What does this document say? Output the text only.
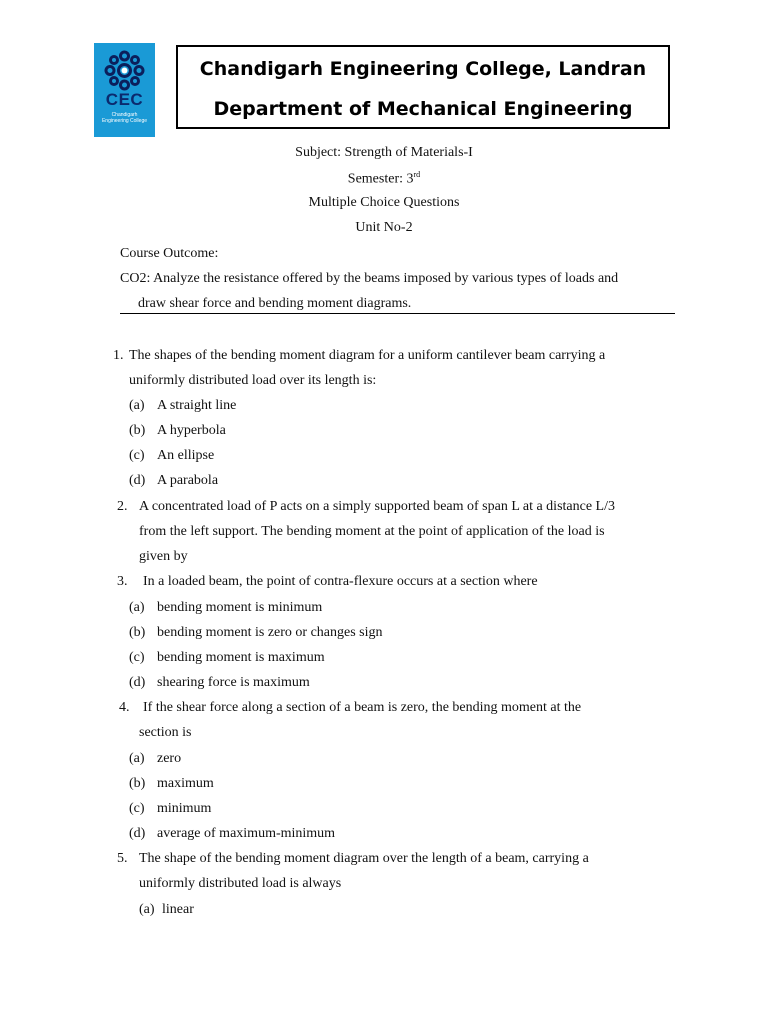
CEC
Chandigarh
Engineering College
Chandigarh Engineering College, Landran
Department of Mechanical Engineering
Subject: Strength of Materials-I
Semester: 3rd
Multiple Choice Questions
Unit No-2
Course Outcome:
CO2: Analyze the resistance offered by the beams imposed by various types of loads and
draw shear force and bending moment diagrams.
1. The shapes of the bending moment diagram for a uniform cantilever beam carrying a
uniformly distributed load over its length is:
(a) A straight line
(b) A hyperbola
(c) An ellipse
(d) A parabola
2. A concentrated load of P acts on a simply supported beam of span L at a distance L/3
from the left support. The bending moment at the point of application of the load is
given by
3. In a loaded beam, the point of contra-flexure occurs at a section where
(a) bending moment is minimum
(b) bending moment is zero or changes sign
(c) bending moment is maximum
(d) shearing force is maximum
4. If the shear force along a section of a beam is zero, the bending moment at the
section is
(a) zero
(b) maximum
(c) minimum
(d) average of maximum-minimum
5. The shape of the bending moment diagram over the length of a beam, carrying a
uniformly distributed load is always
(a) linear
